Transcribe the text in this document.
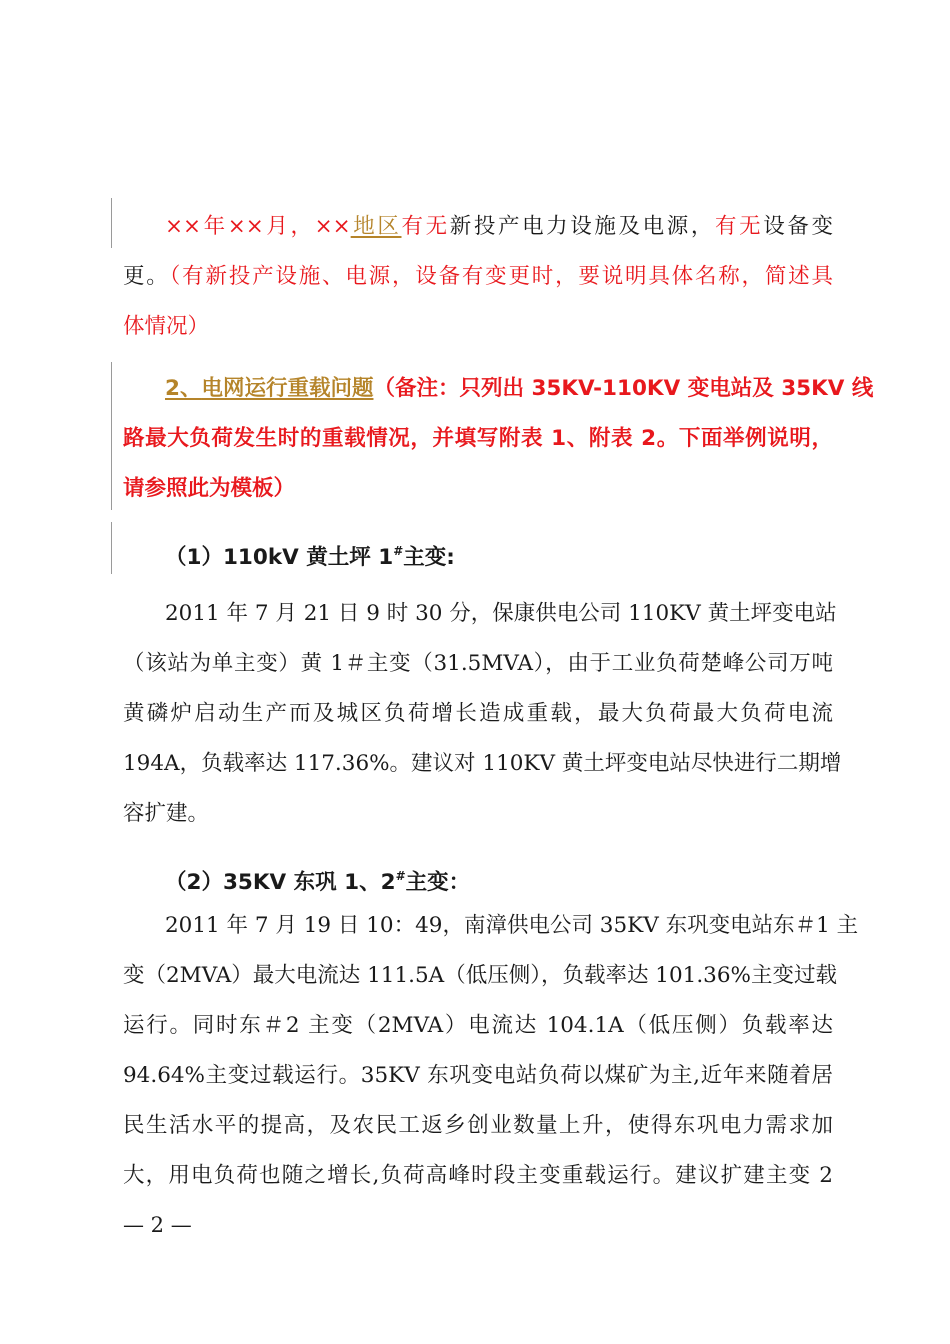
××年××月，××地区有无新投产电力设施及电源，有无设备变
更。（有新投产设施、电源，设备有变更时，要说明具体名称，简述具
体情况）
2、电网运行重载问题（备注：只列出 35KV-110KV 变电站及 35KV 线
路最大负荷发生时的重载情况，并填写附表 1、附表 2。下面举例说明，
请参照此为模板）
（1）110kV 黄土坪 1#主变:
2011 年 7 月 21 日 9 时 30 分，保康供电公司 110KV 黄土坪变电站
（该站为单主变）黄 1＃主变（31.5MVA），由于工业负荷楚峰公司万吨
黄磷炉启动生产而及城区负荷增长造成重载，最大负荷最大负荷电流
194A，负载率达 117.36%。建议对 110KV 黄土坪变电站尽快进行二期增
容扩建。
（2）35KV 东巩 1、2#主变：
2011 年 7 月 19 日 10：49，南漳供电公司 35KV 东巩变电站东＃1 主
变（2MVA）最大电流达 111.5A（低压侧），负载率达 101.36%主变过载
运行。同时东＃2 主变（2MVA）电流达 104.1A（低压侧）负载率达
94.64%主变过载运行。35KV 东巩变电站负荷以煤矿为主,近年来随着居
民生活水平的提高，及农民工返乡创业数量上升，使得东巩电力需求加
大，用电负荷也随之增长,负荷高峰时段主变重载运行。建议扩建主变 2
— 2 —
